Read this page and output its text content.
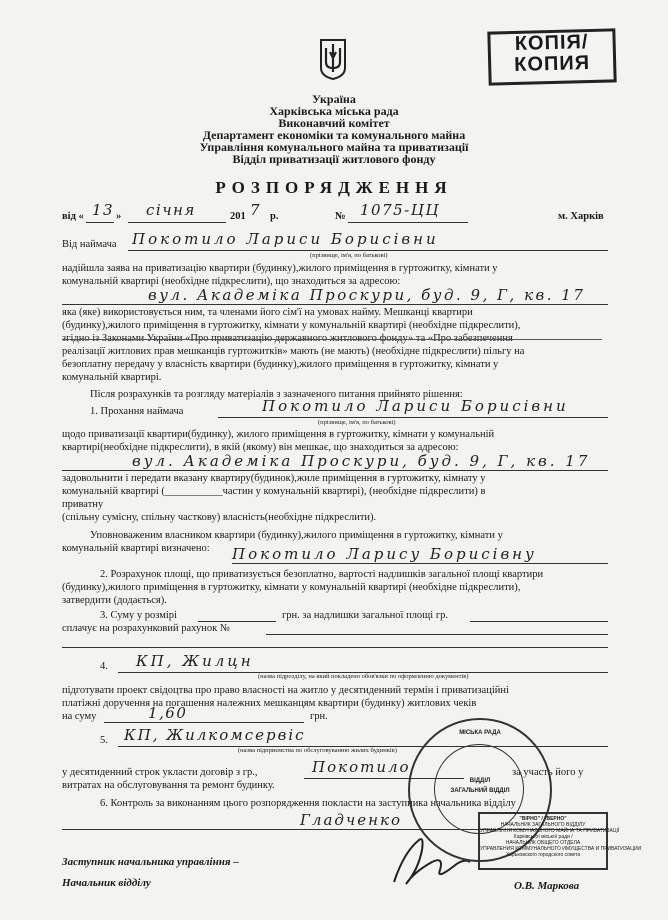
КОПІЯ/
КОПИЯ
Україна
Харківська міська рада
Виконавчий комітет
Департамент економіки та комунального майна
Управління комунального майна та приватизації
Відділ приватизації житлового фонду
РОЗПОРЯДЖЕННЯ
від « 13 » січня	201 7 р.	№ 1075-ЦЦ	м. Харків
Від наймача Покотило Лариси Борисівни
(прізвище, ім'я, по батькові)
надійшла заява на приватизацію квартири (будинку),жилого приміщення в гуртожитку, кімнати у
комунальній квартирі (необхідне підкреслити), що знаходиться за адресою:
вул. Академіка Проскури, буд. 9, Г, кв. 17
яка (яке) використовується ним, та членами його сім'ї на умовах найму. Мешканці квартири
(будинку),жилого приміщення в гуртожитку, кімнати у комунальній квартирі (необхідне підкреслити),
згідно із Законами України «Про приватизацію державного житлового фонду» та «Про забезпечення
реалізації житлових прав мешканців гуртожитків» мають (не мають) (необхідне підкреслити) пільгу на
безоплатну передачу у власність квартири (будинку),жилого приміщення в гуртожитку, кімнати у
комунальній квартирі.
Після розрахунків та розгляду матеріалів з зазначеного питання прийнято рішення:
1. Прохання наймача	Покотило Лариси Борисівни
(прізвище, ім'я, по батькові)
щодо приватизації квартири(будинку), жилого приміщення в гуртожитку, кімнати у комунальній
квартирі(необхідне підкреслити), в якій (якому) він мешкає, що знаходиться за адресою:
вул. Академіка Проскури, буд. 9, Г, кв. 17
задовольнити і передати вказану квартиру(будинок),жиле приміщення в гуртожитку, кімнату у
комунальній квартирі (___________частин у комунальній квартирі), (необхідне підкреслити) в
приватну
(спільну сумісну, спільну часткову) власність(необхідне підкреслити).
Уповноваженим власником квартири (будинку),жилого приміщення в гуртожитку, кімнати у
комунальній квартирі визначено: Покотило Ларису Борисівну
2. Розрахунок площі, що приватизується безоплатно, вартості надлишків загальної площі квартири
(будинку),жилого приміщення в гуртожитку, кімнати у комунальній квартирі (необхідне підкреслити),
затвердити (додається).
3. Суму у розмірі	грн. за надлишки загальної площі гр.
сплачує на розрахунковий рахунок №
4. КП, Жилцн
(назва підрозділу, на який покладено обов'язки по оформленню документів)
підготувати проект свідоцтва про право власності на житло у десятиденний термін і приватизаційні
платіжні доручення на погашення належних мешканцям квартири (будинку) житлових чеків
на суму	1,60	грн.
5. КП, Жилкомсервіс
(назва підприємства по обслуговуванню жилих будинків)
у десятиденний строк укласти договір з гр.,	Покотило	за участь його у
витратах на обслуговування та ремонт будинку.
6. Контроль за виконанням цього розпорядження покласти на заступника начальника відділу
Гладченко
Заступник начальника управління –
Начальник відділу	О.В. Маркова
МІСЬКА РАДА
ВІДДІЛ
ЗАГАЛЬНИЙ ВІДДІЛ
"ВІРНО" / "ВЕРНО"
НАЧАЛЬНИК ЗАГАЛЬНОГО ВІДДІЛУ
УПРАВЛІННЯ КОМУНАЛЬНОГО МАЙНА ТА ПРИВАТИЗАЦІЇ
Харківської міської ради /
НАЧАЛЬНИК ОБЩЕГО ОТДЕЛА
УПРАВЛЕНИЯ КОММУНАЛЬНОГО ИМУЩЕСТВА И ПРИВАТИЗАЦИИ
Харьковского городского совета
